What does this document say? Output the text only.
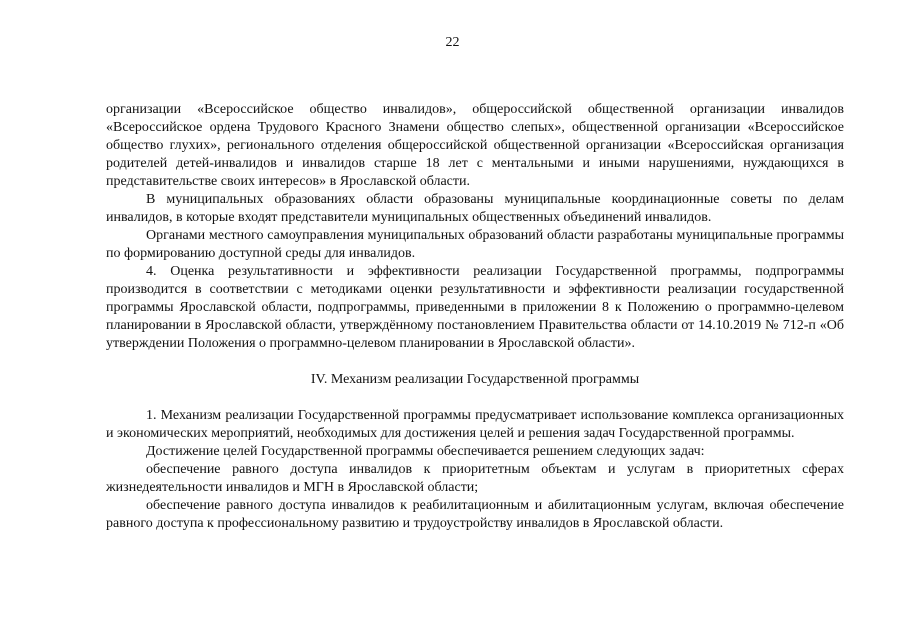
22

организации «Всероссийское общество инвалидов», общероссийской общественной организации инвалидов «Всероссийское ордена Трудового Красного Знамени общество слепых», общественной организации «Всероссийское общество глухих», регионального отделения общероссийской общественной организации «Всероссийская организация родителей детей-инвалидов и инвалидов старше 18 лет с ментальными и иными нарушениями, нуждающихся в представительстве своих интересов» в Ярославской области.

В муниципальных образованиях области образованы муниципальные координационные советы по делам инвалидов, в которые входят представители муниципальных общественных объединений инвалидов.

Органами местного самоуправления муниципальных образований области разработаны муниципальные программы по формированию доступной среды для инвалидов.

4. Оценка результативности и эффективности реализации Государственной программы, подпрограммы производится в соответствии с методиками оценки результативности и эффективности реализации государственной программы Ярославской области, подпрограммы, приведенными в приложении 8 к Положению о программно-целевом планировании в Ярославской области, утверждённому постановлением Правительства области от 14.10.2019 № 712-п «Об утверждении Положения о программно-целевом планировании в Ярославской области».

IV. Механизм реализации Государственной программы

1. Механизм реализации Государственной программы предусматривает использование комплекса организационных и экономических мероприятий, необходимых для достижения целей и решения задач Государственной программы.

Достижение целей Государственной программы обеспечивается решением следующих задач:

обеспечение равного доступа инвалидов к приоритетным объектам и услугам в приоритетных сферах жизнедеятельности инвалидов и МГН в Ярославской области;

обеспечение равного доступа инвалидов к реабилитационным и абилитационным услугам, включая обеспечение равного доступа к профессиональному развитию и трудоустройству инвалидов в Ярославской области.
